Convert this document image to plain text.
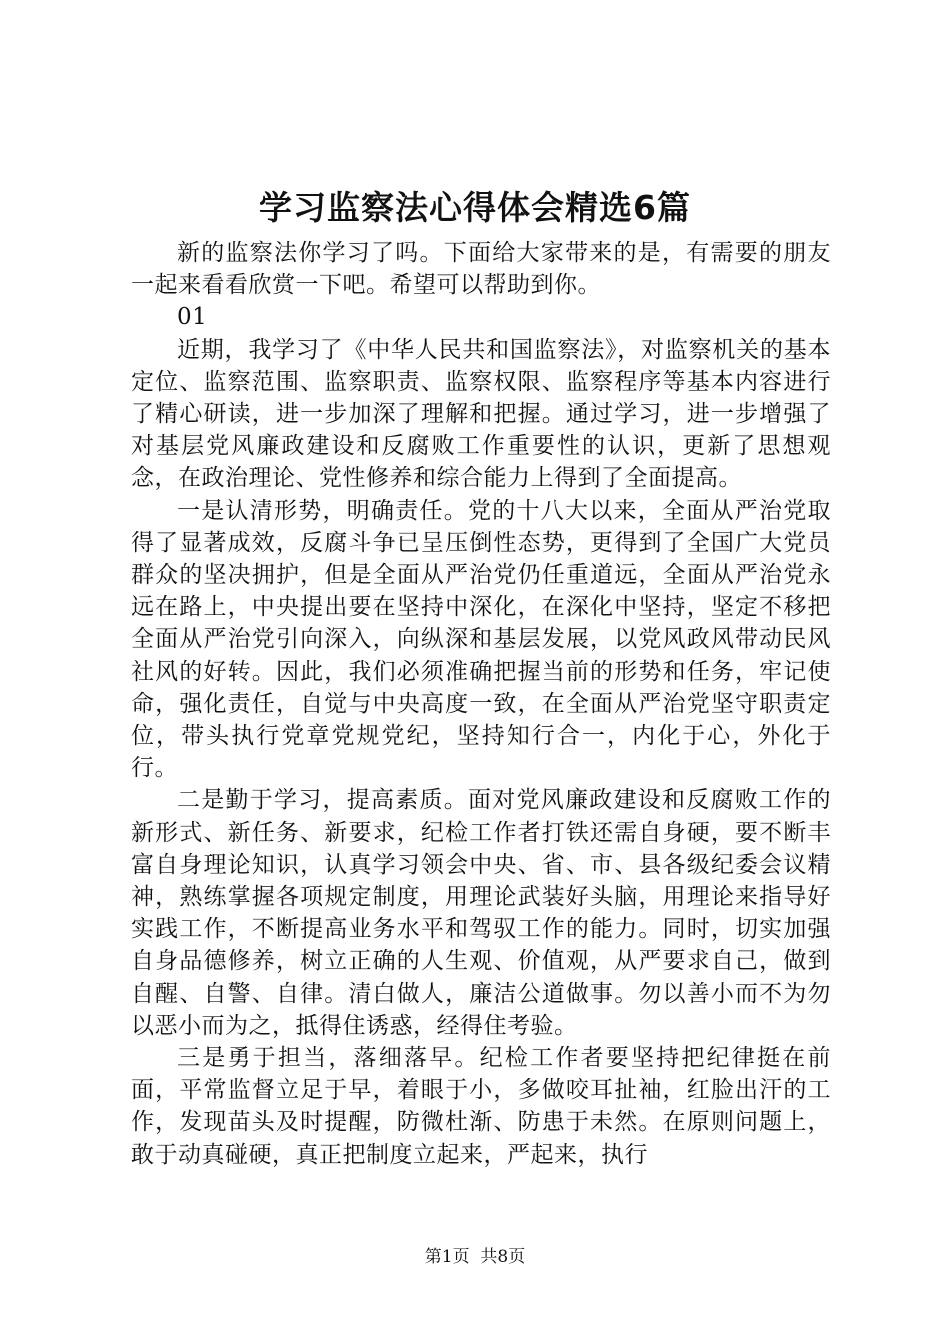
学习监察法心得体会精选6篇

新的监察法你学习了吗。下面给大家带来的是，有需要的朋友一起来看看欣赏一下吧。希望可以帮助到你。

01

近期，我学习了《中华人民共和国监察法》，对监察机关的基本定位、监察范围、监察职责、监察权限、监察程序等基本内容进行了精心研读，进一步加深了理解和把握。通过学习，进一步增强了对基层党风廉政建设和反腐败工作重要性的认识，更新了思想观念，在政治理论、党性修养和综合能力上得到了全面提高。

一是认清形势，明确责任。党的十八大以来，全面从严治党取得了显著成效，反腐斗争已呈压倒性态势，更得到了全国广大党员群众的坚决拥护，但是全面从严治党仍任重道远，全面从严治党永远在路上，中央提出要在坚持中深化，在深化中坚持，坚定不移把全面从严治党引向深入，向纵深和基层发展，以党风政风带动民风社风的好转。因此，我们必须准确把握当前的形势和任务，牢记使命，强化责任，自觉与中央高度一致，在全面从严治党坚守职责定位，带头执行党章党规党纪，坚持知行合一，内化于心，外化于行。

二是勤于学习，提高素质。面对党风廉政建设和反腐败工作的新形式、新任务、新要求，纪检工作者打铁还需自身硬，要不断丰富自身理论知识，认真学习领会中央、省、市、县各级纪委会议精神，熟练掌握各项规定制度，用理论武装好头脑，用理论来指导好实践工作，不断提高业务水平和驾驭工作的能力。同时，切实加强自身品德修养，树立正确的人生观、价值观，从严要求自己，做到自醒、自警、自律。清白做人，廉洁公道做事。勿以善小而不为勿以恶小而为之，抵得住诱惑，经得住考验。

三是勇于担当，落细落早。纪检工作者要坚持把纪律挺在前面，平常监督立足于早，着眼于小，多做咬耳扯袖，红脸出汗的工作，发现苗头及时提醒，防微杜渐、防患于未然。在原则问题上，敢于动真碰硬，真正把制度立起来，严起来，执行

第1页  共8页
